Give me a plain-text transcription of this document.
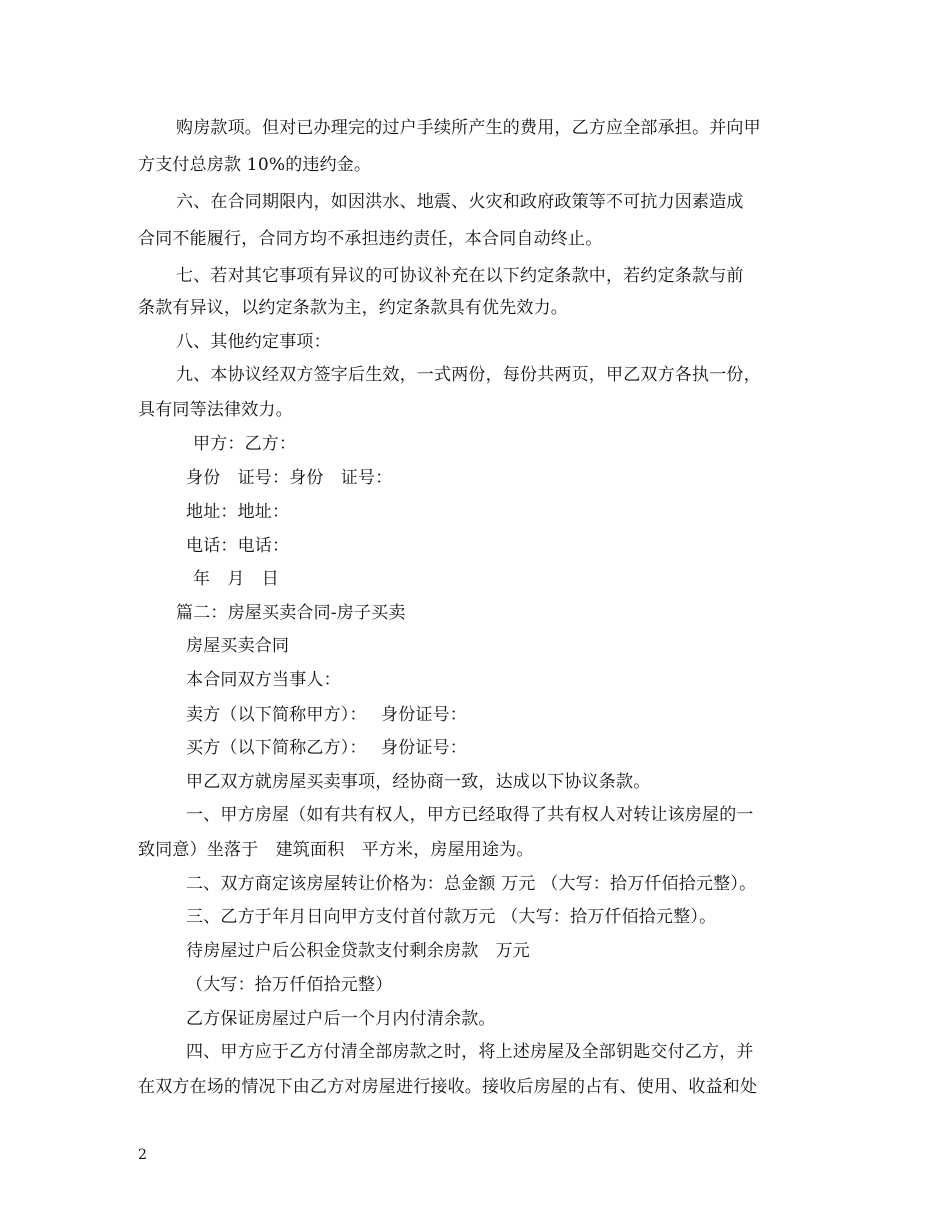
购房款项。但对已办理完的过户手续所产生的费用，乙方应全部承担。并向甲
方支付总房款 10%的违约金。
六、在合同期限内，如因洪水、地震、火灾和政府政策等不可抗力因素造成
合同不能履行，合同方均不承担违约责任，本合同自动终止。
七、若对其它事项有异议的可协议补充在以下约定条款中，若约定条款与前
条款有异议，以约定条款为主，约定条款具有优先效力。
八、其他约定事项：
九、本协议经双方签字后生效，一式两份，每份共两页，甲乙双方各执一份，
具有同等法律效力。
甲方：乙方：
身份　证号：身份　证号：
地址：地址：
电话：电话：
年　月　日
篇二：房屋买卖合同-房子买卖
房屋买卖合同
本合同双方当事人：
卖方（以下简称甲方）：　 身份证号：
买方（以下简称乙方）：　 身份证号：
甲乙双方就房屋买卖事项，经协商一致，达成以下协议条款。
一、甲方房屋（如有共有权人，甲方已经取得了共有权人对转让该房屋的一
致同意）坐落于　建筑面积　平方米，房屋用途为。
二、双方商定该房屋转让价格为：总金额 万元 （大写：拾万仟佰拾元整）。
三、乙方于年月日向甲方支付首付款万元 （大写：拾万仟佰拾元整）。
待房屋过户后公积金贷款支付剩余房款　万元
（大写：拾万仟佰拾元整）
乙方保证房屋过户后一个月内付清余款。
四、甲方应于乙方付清全部房款之时，将上述房屋及全部钥匙交付乙方，并
在双方在场的情况下由乙方对房屋进行接收。接收后房屋的占有、使用、收益和处
2
